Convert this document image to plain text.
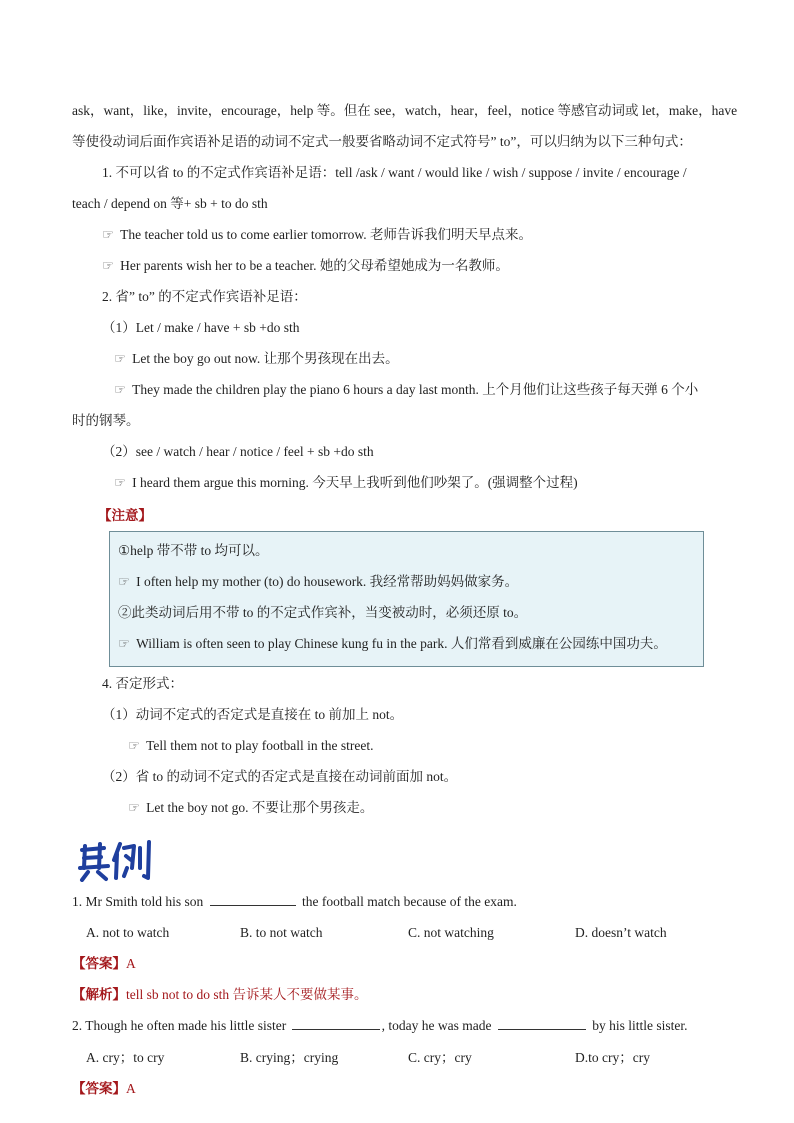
ask，want，like，invite，encourage，help 等。但在 see，watch，hear，feel，notice 等感官动词或 let，make，have
等使役动词后面作宾语补足语的动词不定式一般要省略动词不定式符号” to”，可以归纳为以下三种句式：
1. 不可以省 to 的不定式作宾语补足语：tell /ask / want / would like / wish / suppose / invite / encourage /
teach / depend on 等+ sb + to do sth
☞ The teacher told us to come earlier tomorrow. 老师告诉我们明天早点来。
☞ Her parents wish her to be a teacher. 她的父母希望她成为一名教师。
2. 省” to” 的不定式作宾语补足语：
（1）Let / make / have + sb +do sth
☞ Let the boy go out now. 让那个男孩现在出去。
☞ They made the children play the piano 6 hours a day last month. 上个月他们让这些孩子每天弹 6 个小
时的钢琴。
（2）see / watch / hear / notice / feel + sb +do sth
☞ I heard them argue this morning. 今天早上我听到他们吵架了。(强调整个过程)
【注意】
①help 带不带 to 均可以。
☞ I often help my mother (to) do housework. 我经常帮助妈妈做家务。
②此类动词后用不带 to 的不定式作宾补，当变被动时，必须还原 to。
☞ William is often seen to play Chinese kung fu in the park. 人们常看到威廉在公园练中国功夫。
4. 否定形式：
（1）动词不定式的否定式是直接在 to 前加上 not。
☞ Tell them not to play football in the street.
（2）省 to 的动词不定式的否定式是直接在动词前面加 not。
☞ Let the boy not go. 不要让那个男孩走。
1. Mr Smith told his son	the football match because of the exam.
A. not to watch	B. to not watch	C. not watching	D. doesn’t watch
【答案】A
【解析】tell sb not to do sth 告诉某人不要做某事。
2. Though he often made his little sister	, today he was made	by his little sister.
A. cry；to cry	B. crying；crying	C. cry；cry	D.to cry；cry
【答案】A
